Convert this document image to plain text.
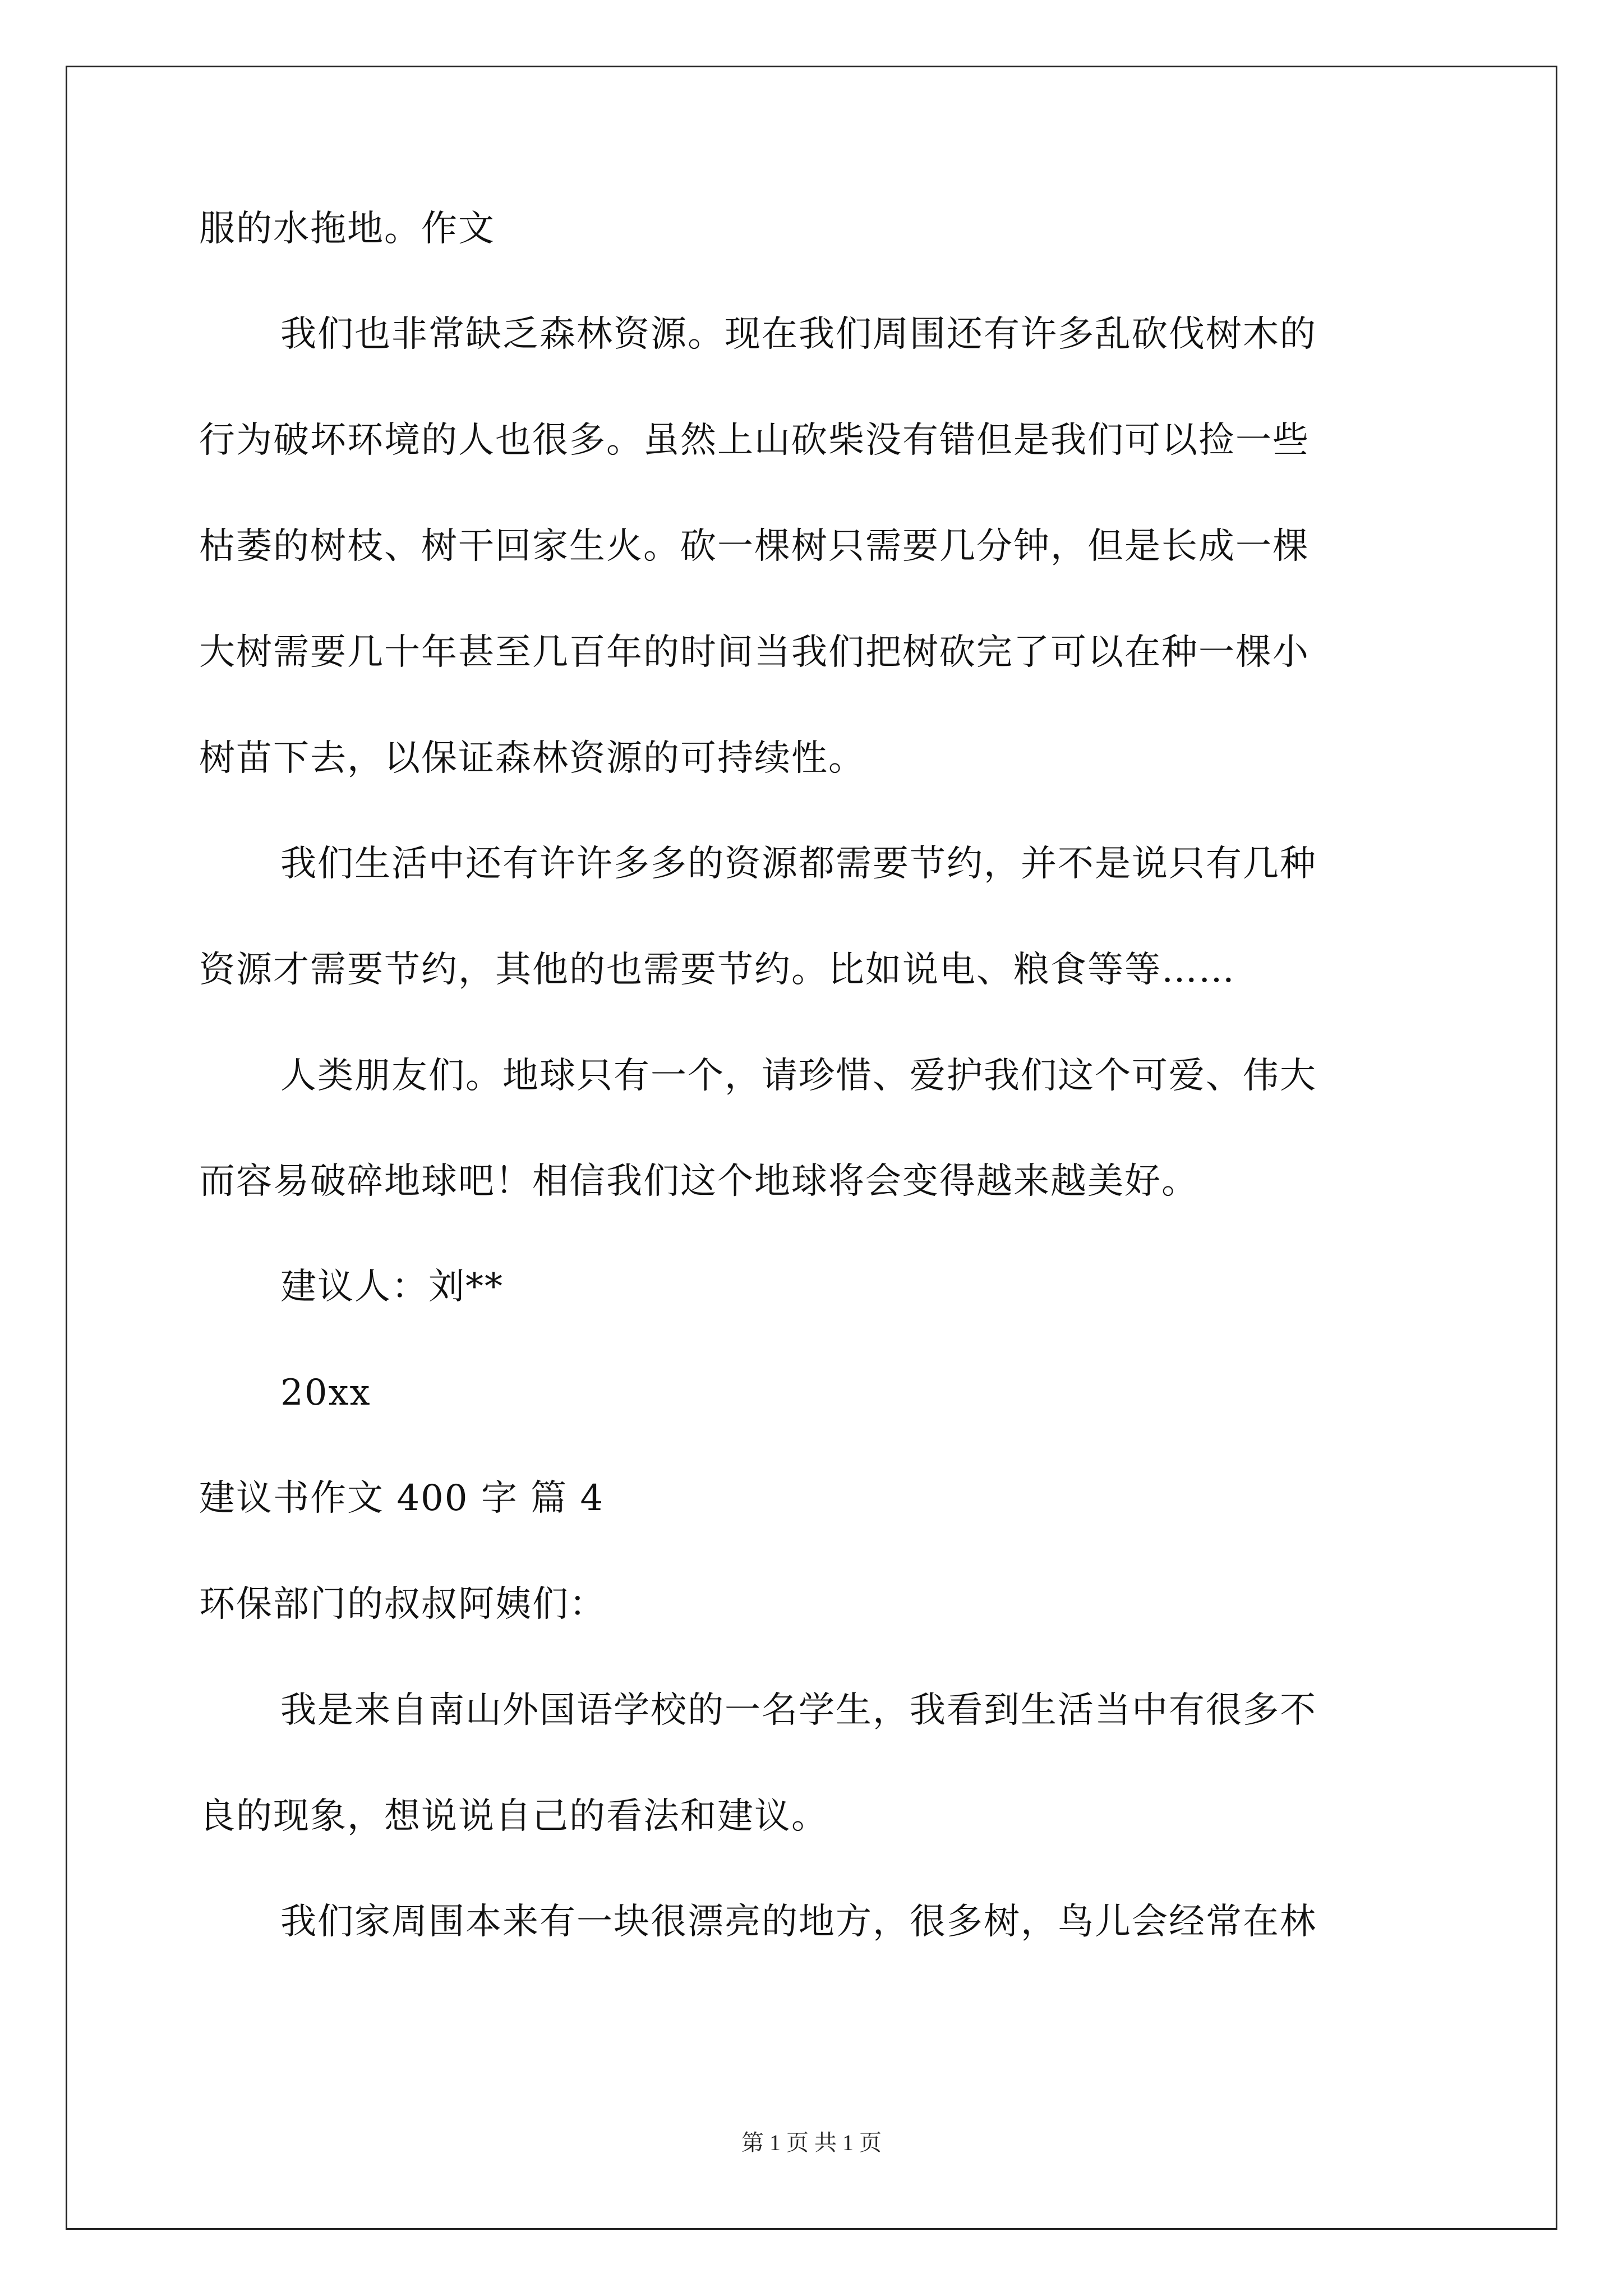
服的水拖地。作文
我们也非常缺乏森林资源。现在我们周围还有许多乱砍伐树木的
行为破坏环境的人也很多。虽然上山砍柴没有错但是我们可以捡一些
枯萎的树枝、树干回家生火。砍一棵树只需要几分钟，但是长成一棵
大树需要几十年甚至几百年的时间当我们把树砍完了可以在种一棵小
树苗下去，以保证森林资源的可持续性。
我们生活中还有许许多多的资源都需要节约，并不是说只有几种
资源才需要节约，其他的也需要节约。比如说电、粮食等等……
人类朋友们。地球只有一个，请珍惜、爱护我们这个可爱、伟大
而容易破碎地球吧！相信我们这个地球将会变得越来越美好。
建议人：刘**
20xx
建议书作文 400 字 篇 4
环保部门的叔叔阿姨们：
我是来自南山外国语学校的一名学生，我看到生活当中有很多不
良的现象，想说说自己的看法和建议。
我们家周围本来有一块很漂亮的地方，很多树，鸟儿会经常在林
第 1 页 共 1 页
